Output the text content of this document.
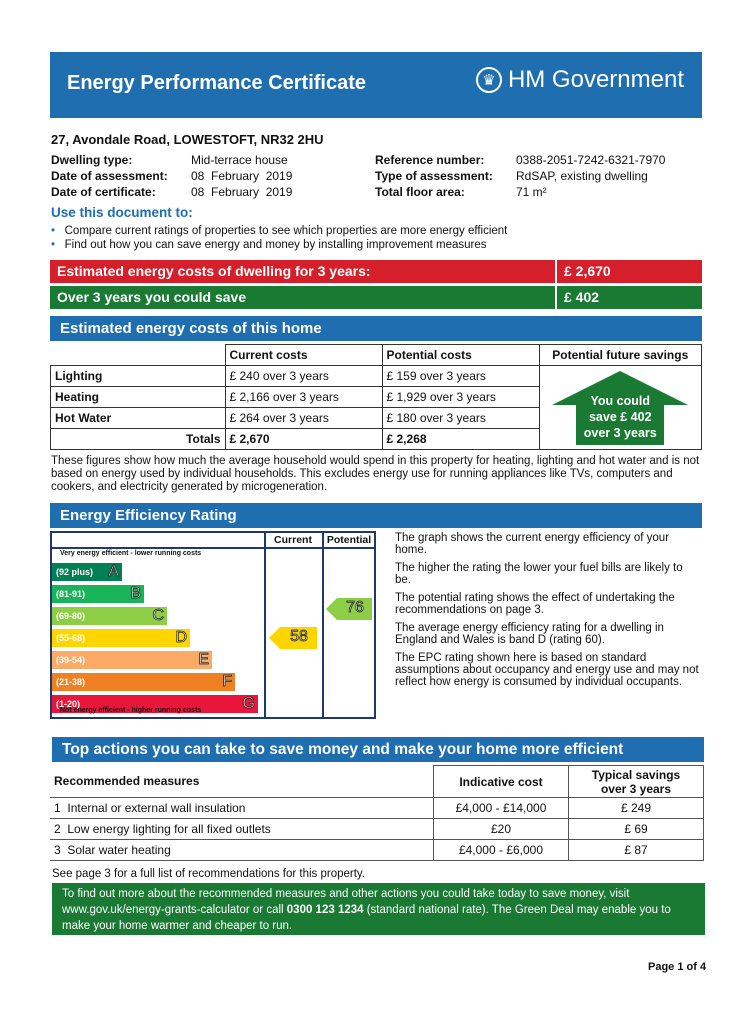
Energy Performance Certificate	♛ HM Government
27, Avondale Road, LOWESTOFT, NR32 2HU
Dwelling type:	Mid-terrace house
Date of assessment: 08  February  2019
Date of certificate:	08  February  2019
Reference number:	0388-2051-7242-6321-7970
Type of assessment: RdSAP, existing dwelling
Total floor area:	71 m²
Use this document to:
• Compare current ratings of properties to see which properties are more energy efficient
• Find out how you can save energy and money by installing improvement measures
Estimated energy costs of dwelling for 3 years:	£ 2,670
Over 3 years you could save	£ 402
Estimated energy costs of this home
	Current costs	Potential costs	Potential future savings
Lighting	£ 240 over 3 years	£ 159 over 3 years	You could
save £ 402
over 3 years

Heating	£ 2,166 over 3 years	£ 1,929 over 3 years	
Hot Water	£ 264 over 3 years	£ 180 over 3 years	
Totals	£ 2,670	£ 2,268	
These figures show how much the average household would spend in this property for heating, lighting and hot water and is not based on energy used by individual households. This excludes energy use for running appliances like TVs, computers and cookers, and electricity generated by microgeneration.
Energy Efficiency Rating
Current	Potential
Very energy efficient - lower running costs
(92 plus) A
(81-91)	B
(69-80)	C
(55-68)	D
(39-54)	E
(21-38)	F
(1-20)	G
Not energy efficient - higher running costs
58
76
The graph shows the current energy efficiency of your home.
The higher the rating the lower your fuel bills are likely to be.
The potential rating shows the effect of undertaking the recommendations on page 3.
The average energy efficiency rating for a dwelling in England and Wales is band D (rating 60).
The EPC rating shown here is based on standard assumptions about occupancy and energy use and may not reflect how energy is consumed by individual occupants.
Top actions you can take to save money and make your home more efficient
Recommended measures	Indicative cost	Typical savings
over 3 years

1 Internal or external wall insulation	£4,000 - £14,000	£ 249
2 Low energy lighting for all fixed outlets	£20	£ 69
3 Solar water heating	£4,000 - £6,000	£ 87
See page 3 for a full list of recommendations for this property.
To find out more about the recommended measures and other actions you could take today to save money, visit www.gov.uk/energy-grants-calculator or call 0300 123 1234 (standard national rate). The Green Deal may enable you to make your home warmer and cheaper to run.
Page 1 of 4
